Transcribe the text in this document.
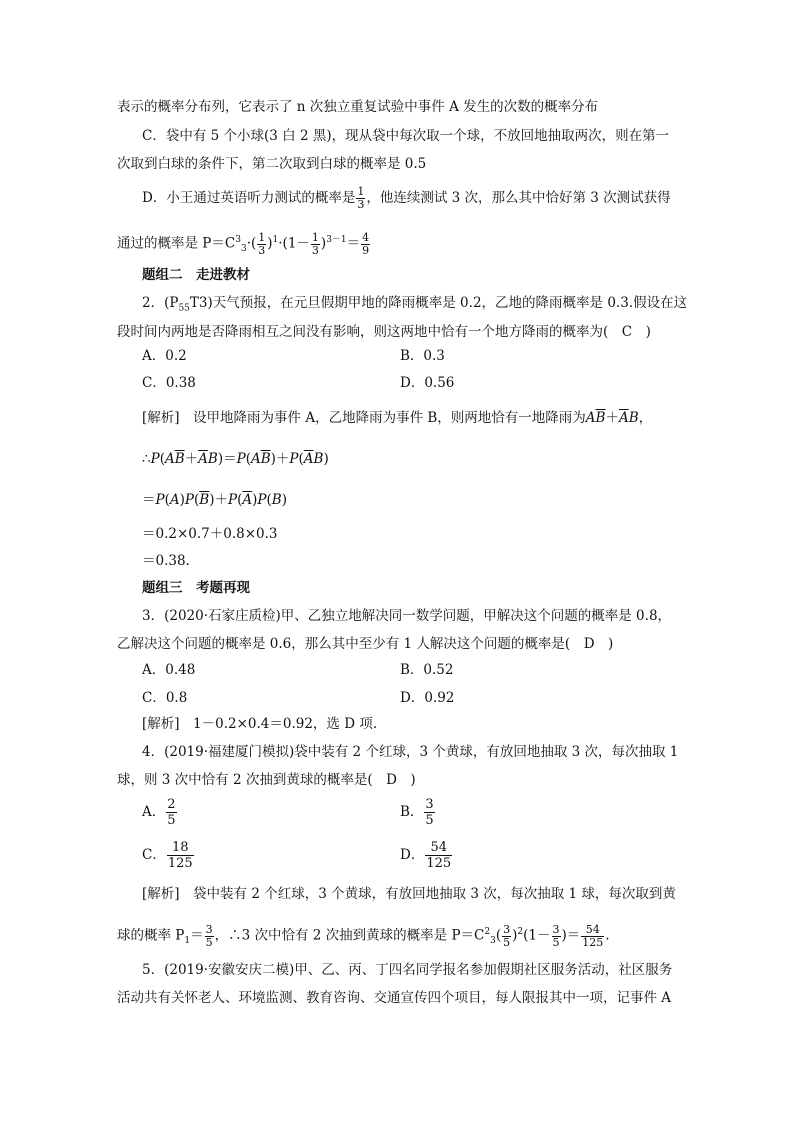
表示的概率分布列，它表示了 n 次独立重复试验中事件 A 发生的次数的概率分布
C．袋中有 5 个小球(3 白 2 黑)，现从袋中每次取一个球，不放回地抽取两次，则在第一
次取到白球的条件下，第二次取到白球的概率是 0.5
D．小王通过英语听力测试的概率是 $\frac{1}{3}$ ，他连续测试 3 次，那么其中恰好第 3 次测试获得
通过的概率是 $P=C^3_3\cdot( \frac{1}{3} )^1\cdot(1- \frac{1}{3} )^{3-1}= \frac{4}{9}$
题组二　走进教材
2．$(P_{55}T3)$天气预报，在元旦假期甲地的降雨概率是 0.2，乙地的降雨概率是 0.3.假设在这
段时间内两地是否降雨相互之间没有影响，则这两地中恰有一个地方降雨的概率为(　C　)
A．0.2	B．0.3
C．0.38	D．0.56
[解析]　设甲地降雨为事件 A，乙地降雨为事件 B，则两地恰有一地降雨为$A\overline{B}+\overline{A}B$，
$\therefore P(A\overline{B}+\overline{A}B)=P(A\overline{B})+P(\overline{A}B)$
$=P(A)P(\overline{B})+P(\overline{A})P(B)$
＝0.2×0.7＋0.8×0.3
＝0.38.
题组三　考题再现
3．(2020·石家庄质检)甲、乙独立地解决同一数学问题，甲解决这个问题的概率是 0.8，
乙解决这个问题的概率是 0.6，那么其中至少有 1 人解决这个问题的概率是(　D　)
A．0.48	B．0.52
C．0.8	D．0.92
[解析]　1－0.2×0.4＝0.92，选 D 项.
4．(2019·福建厦门模拟)袋中装有 2 个红球，3 个黄球，有放回地抽取 3 次，每次抽取 1
球，则 3 次中恰有 2 次抽到黄球的概率是(　D　)
A． $\frac{2}{5}$	B． $\frac{3}{5}$
C． $\frac{18}{125}$	D． $\frac{54}{125}$
[解析]　袋中装有 2 个红球，3 个黄球，有放回地抽取 3 次，每次抽取 1 球，每次取到黄
球的概率 $P_1= \frac{3}{5}$ ，∴3 次中恰有 2 次抽到黄球的概率是 $P=C^2_3( \frac{3}{5} )^2(1- \frac{3}{5}$ )＝ $\frac{54}{125}$ .
5．(2019·安徽安庆二模)甲、乙、丙、丁四名同学报名参加假期社区服务活动，社区服务
活动共有关怀老人、环境监测、教育咨询、交通宣传四个项目，每人限报其中一项，记事件 A
